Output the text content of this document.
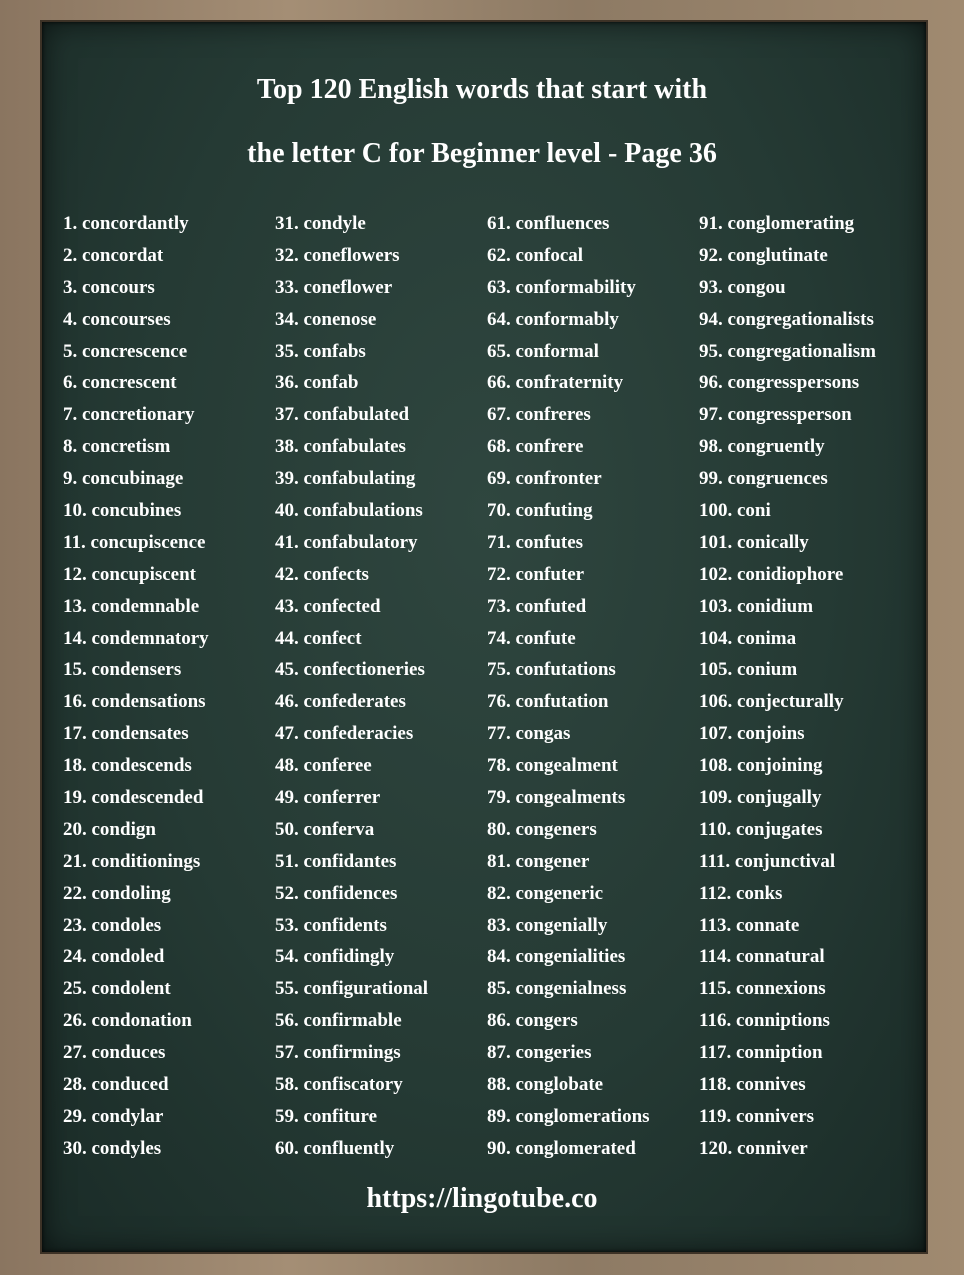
Top 120 English words that start with
the letter C for Beginner level - Page 36
1. concordantly
2. concordat
3. concours
4. concourses
5. concrescence
6. concrescent
7. concretionary
8. concretism
9. concubinage
10. concubines
11. concupiscence
12. concupiscent
13. condemnable
14. condemnatory
15. condensers
16. condensations
17. condensates
18. condescends
19. condescended
20. condign
21. conditionings
22. condoling
23. condoles
24. condoled
25. condolent
26. condonation
27. conduces
28. conduced
29. condylar
30. condyles
31. condyle
32. coneflowers
33. coneflower
34. conenose
35. confabs
36. confab
37. confabulated
38. confabulates
39. confabulating
40. confabulations
41. confabulatory
42. confects
43. confected
44. confect
45. confectioneries
46. confederates
47. confederacies
48. conferee
49. conferrer
50. conferva
51. confidantes
52. confidences
53. confidents
54. confidingly
55. configurational
56. confirmable
57. confirmings
58. confiscatory
59. confiture
60. confluently
61. confluences
62. confocal
63. conformability
64. conformably
65. conformal
66. confraternity
67. confreres
68. confrere
69. confronter
70. confuting
71. confutes
72. confuter
73. confuted
74. confute
75. confutations
76. confutation
77. congas
78. congealment
79. congealments
80. congeners
81. congener
82. congeneric
83. congenially
84. congenialities
85. congenialness
86. congers
87. congeries
88. conglobate
89. conglomerations
90. conglomerated
91. conglomerating
92. conglutinate
93. congou
94. congregationalists
95. congregationalism
96. congresspersons
97. congressperson
98. congruently
99. congruences
100. coni
101. conically
102. conidiophore
103. conidium
104. conima
105. conium
106. conjecturally
107. conjoins
108. conjoining
109. conjugally
110. conjugates
111. conjunctival
112. conks
113. connate
114. connatural
115. connexions
116. conniptions
117. conniption
118. connives
119. connivers
120. conniver
https://lingotube.co
